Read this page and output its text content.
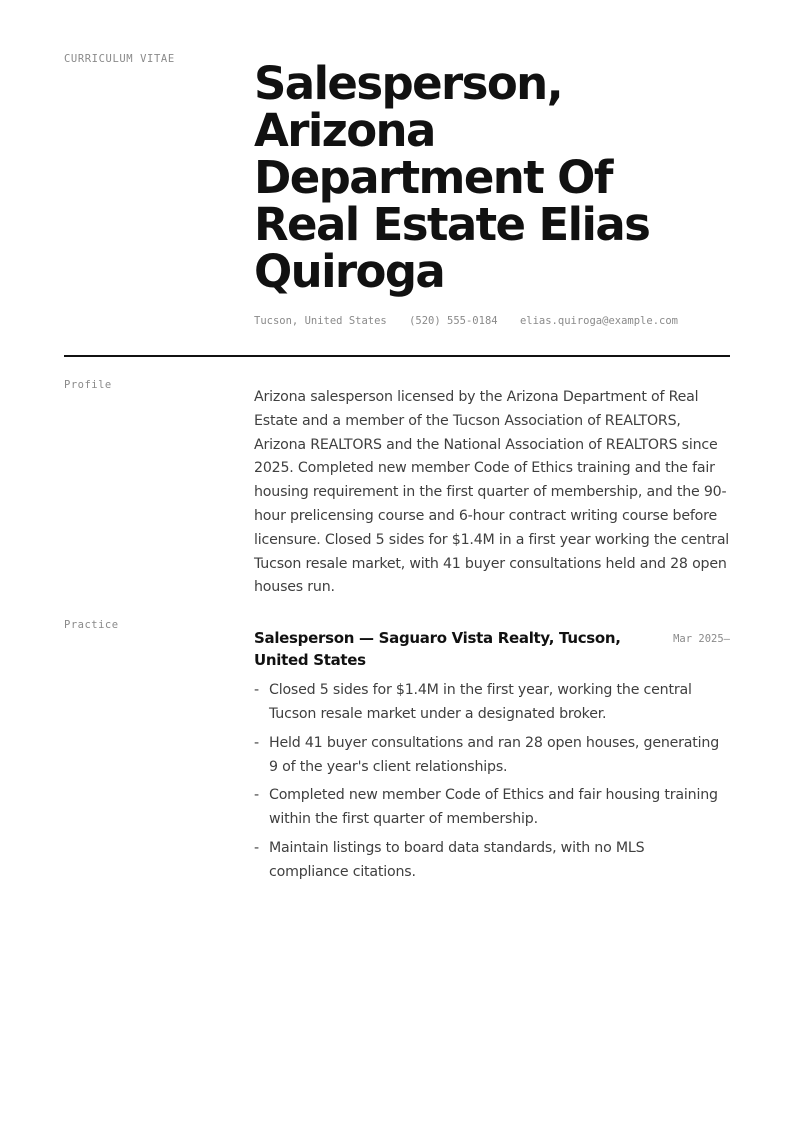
CURRICULUM VITAE Salesperson, Arizona Department Of Real Estate Elias Quiroga
Tucson, United States (520) 555-0184 elias.quiroga@example.com
Profile

Arizona salesperson licensed by the Arizona Department of Real Estate and a member of the Tucson Association of REALTORS, Arizona REALTORS and the National Association of REALTORS since 2025. Completed new member Code of Ethics training and the fair housing requirement in the first quarter of membership, and the 90-hour prelicensing course and 6-hour contract writing course before licensure. Closed 5 sides for $1.4M in a first year working the central Tucson resale market, with 41 buyer consultations held and 28 open houses run.

Practice
Salesperson — Saguaro Vista Realty, Tucson, United States
Mar 2025–
- Closed 5 sides for $1.4M in the first year, working the central Tucson resale market under a designated broker.
- Held 41 buyer consultations and ran 28 open houses, generating 9 of the year's client relationships.
- Completed new member Code of Ethics and fair housing training within the first quarter of membership.
- Maintain listings to board data standards, with no MLS compliance citations.
